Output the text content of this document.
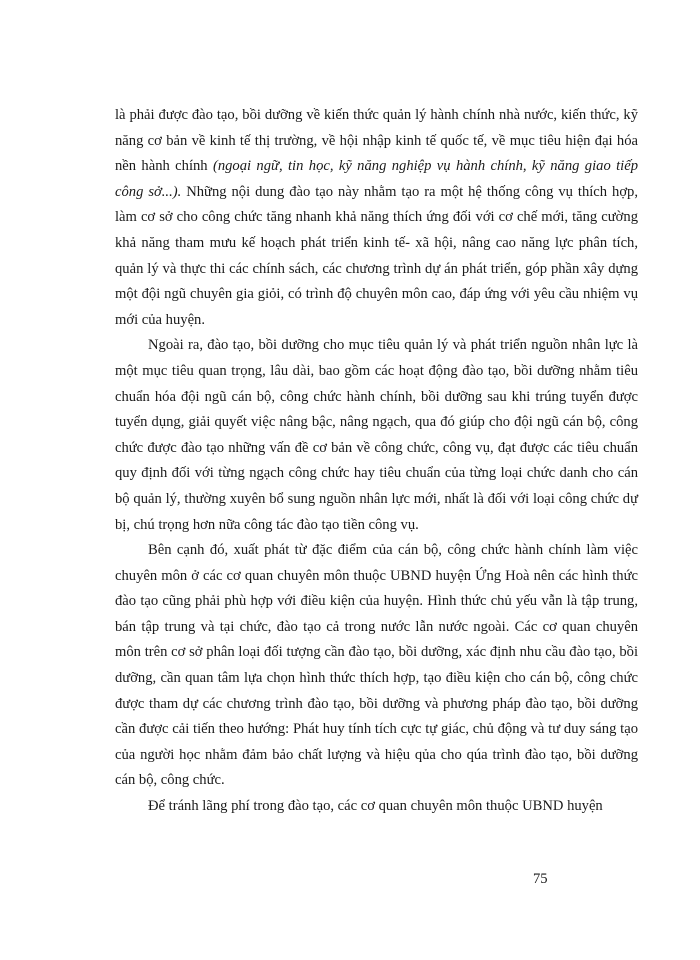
là phải được đào tạo, bồi dưỡng về kiến thức quản lý hành chính nhà nước, kiến thức, kỹ năng cơ bản về kinh tế thị trường, về hội nhập kinh tế quốc tế, về mục tiêu hiện đại hóa nền hành chính (ngoại ngữ, tin học, kỹ năng nghiệp vụ hành chính, kỹ năng giao tiếp công sở...). Những nội dung đào tạo này nhằm tạo ra một hệ thống công vụ thích hợp, làm cơ sở cho công chức tăng nhanh khả năng thích ứng đối với cơ chế mới, tăng cường khả năng tham mưu kế hoạch phát triển kinh tế- xã hội, nâng cao năng lực phân tích, quản lý và thực thi các chính sách, các chương trình dự án phát triển, góp phần xây dựng một đội ngũ chuyên gia giỏi, có trình độ chuyên môn cao, đáp ứng với yêu cầu nhiệm vụ mới của huyện.

Ngoài ra, đào tạo, bồi dưỡng cho mục tiêu quản lý và phát triển nguồn nhân lực là một mục tiêu quan trọng, lâu dài, bao gồm các hoạt động đào tạo, bồi dưỡng nhằm tiêu chuẩn hóa đội ngũ cán bộ, công chức hành chính, bồi dưỡng sau khi trúng tuyển được tuyển dụng, giải quyết việc nâng bậc, nâng ngạch, qua đó giúp cho đội ngũ cán bộ, công chức được đào tạo những vấn đề cơ bản về công chức, công vụ, đạt được các tiêu chuẩn quy định đối với từng ngạch công chức hay tiêu chuẩn của từng loại chức danh cho cán bộ quản lý, thường xuyên bổ sung nguồn nhân lực mới, nhất là đối với loại công chức dự bị, chú trọng hơn nữa công tác đào tạo tiền công vụ.

Bên cạnh đó, xuất phát từ đặc điểm của cán bộ, công chức hành chính làm việc chuyên môn ở các cơ quan chuyên môn thuộc UBND huyện Ứng Hoà nên các hình thức đào tạo cũng phải phù hợp với điều kiện của huyện. Hình thức chủ yếu vẫn là tập trung, bán tập trung và tại chức, đào tạo cả trong nước lẫn nước ngoài. Các cơ quan chuyên môn trên cơ sở phân loại đối tượng cần đào tạo, bồi dưỡng, xác định nhu cầu đào tạo, bồi dưỡng, cần quan tâm lựa chọn hình thức thích hợp, tạo điều kiện cho cán bộ, công chức được tham dự các chương trình đào tạo, bồi dưỡng và phương pháp đào tạo, bồi dưỡng cần được cải tiến theo hướng: Phát huy tính tích cực tự giác, chủ động và tư duy sáng tạo của người học nhằm đảm bảo chất lượng và hiệu qủa cho qúa trình đào tạo, bồi dưỡng cán bộ, công chức.

Để tránh lãng phí trong đào tạo, các cơ quan chuyên môn thuộc UBND huyện

75
